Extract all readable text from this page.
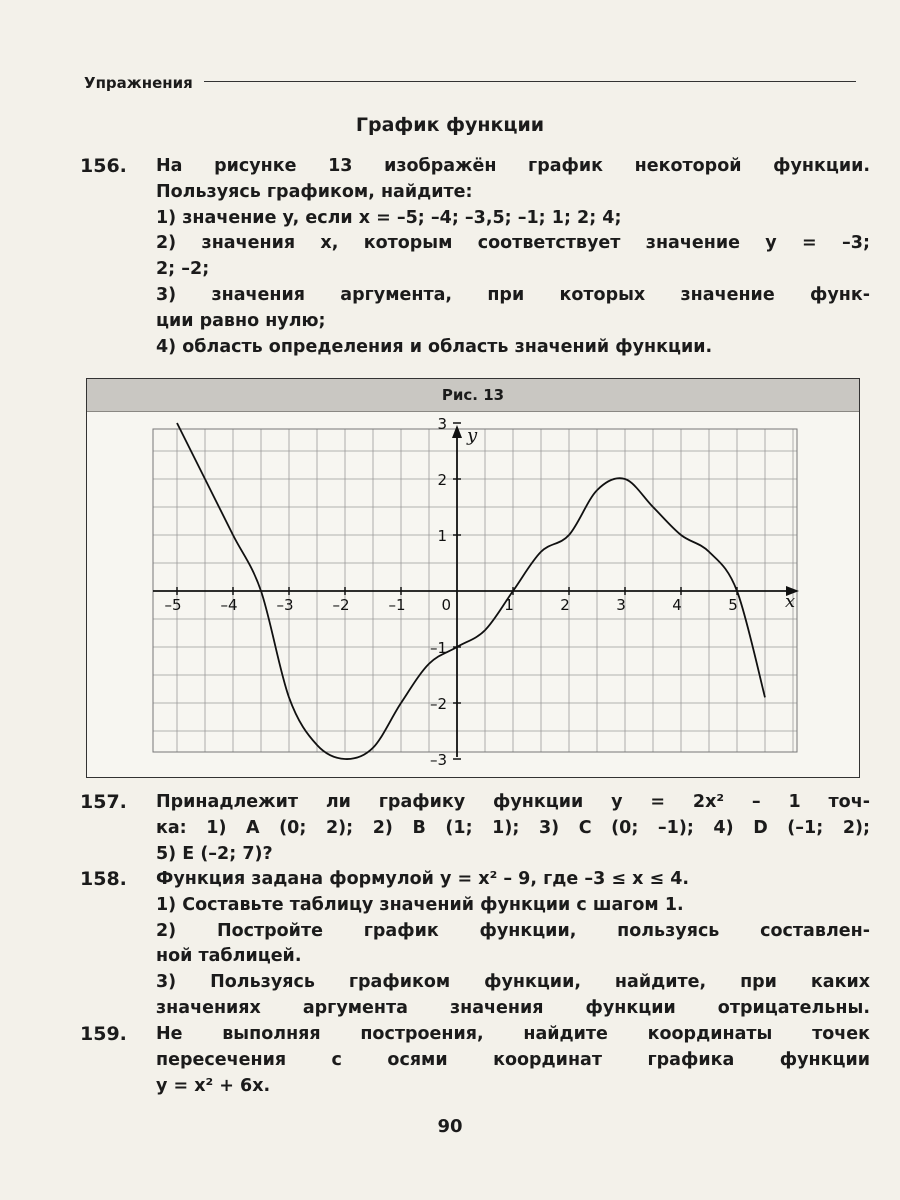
Упражнения
График функции
156. На рисунке 13 изображён график некоторой функции.
Пользуясь графиком, найдите:
1) значение y, если x = –5; –4; –3,5; –1; 1; 2; 4;
2) значения x, которым соответствует значение y = –3;
2; –2;
3) значения аргумента, при которых значение функ-
ции равно нулю;
4) область определения и область значений функции.
Рис. 13
–5	–4	–3	–2	–1	1	2	3	4	5
–3
–2
–1
1
2
3
0	x
y
157. Принадлежит ли графику функции y = 2x² – 1 точ-
ка: 1) A (0; 2); 2) B (1; 1); 3) C (0; –1); 4) D (–1; 2);
5) E (–2; 7)?
158. Функция задана формулой y = x² – 9, где –3 ≤ x ≤ 4.
1) Составьте таблицу значений функции с шагом 1.
2) Постройте график функции, пользуясь составлен-
ной таблицей.
3) Пользуясь графиком функции, найдите, при каких
значениях аргумента значения функции отрицательны.
159. Не выполняя построения, найдите координаты точек
пересечения с осями координат графика функции
y = x² + 6x.
90
